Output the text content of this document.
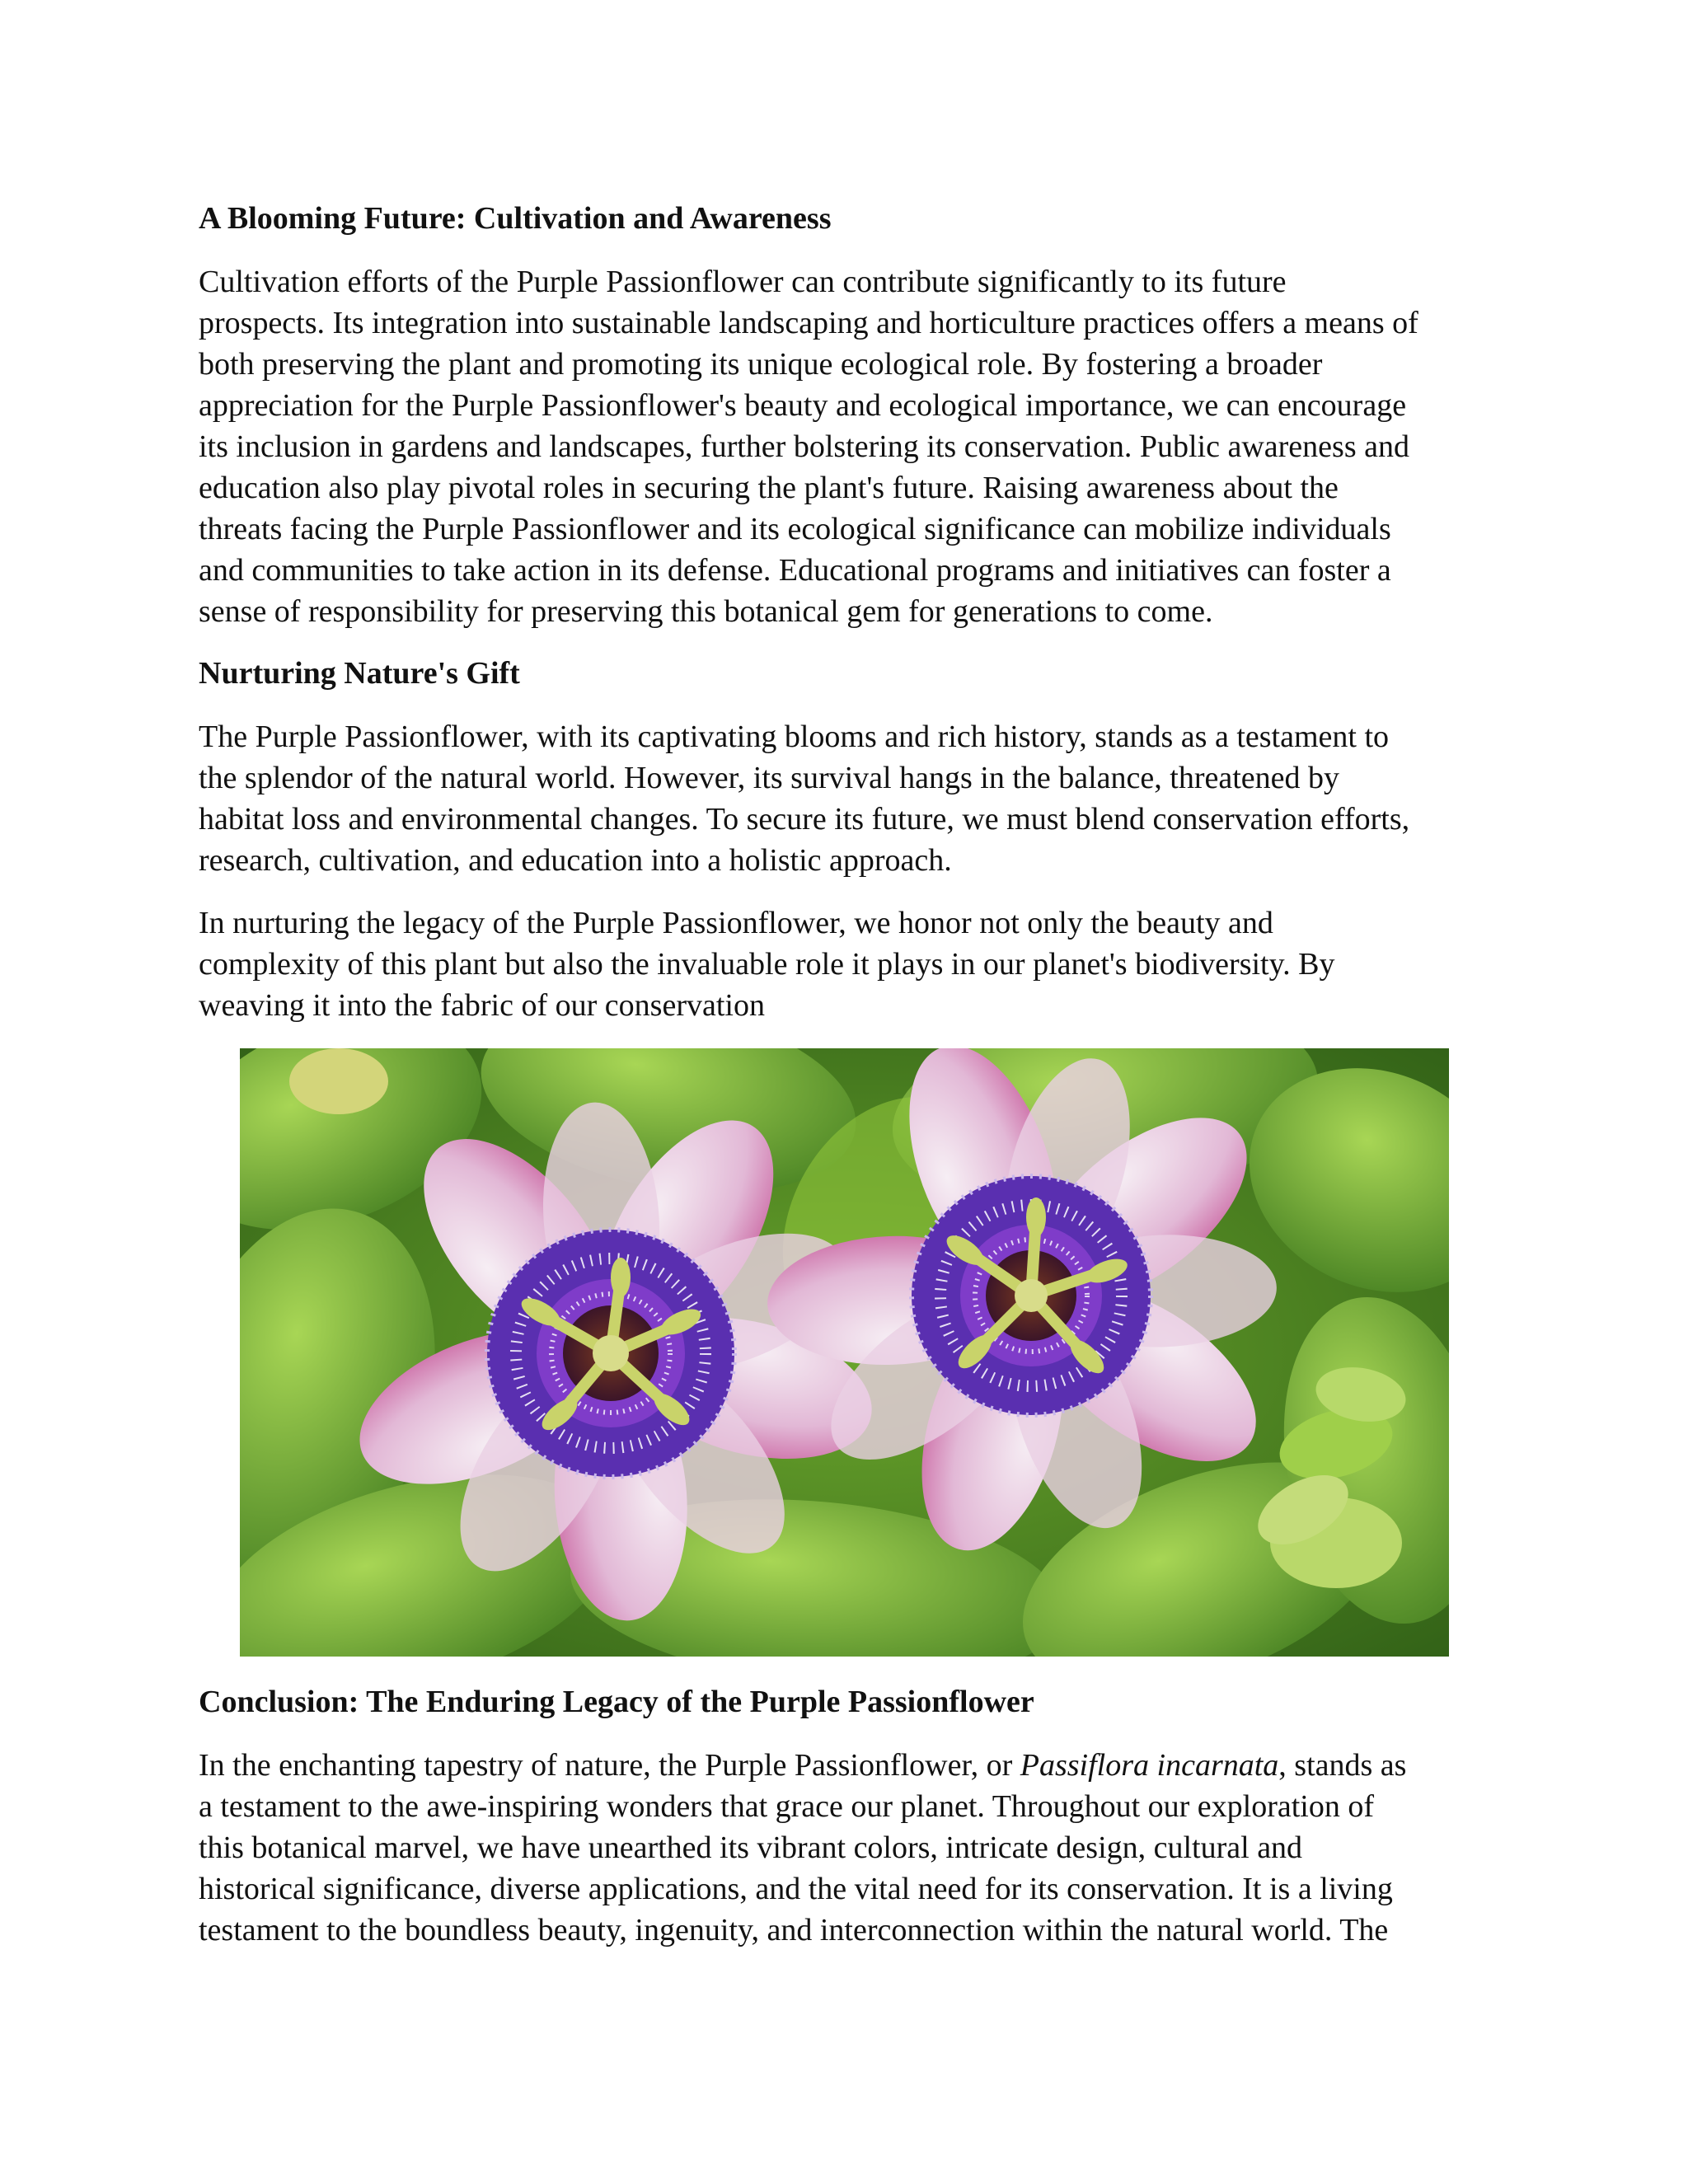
A Blooming Future: Cultivation and Awareness
Cultivation efforts of the Purple Passionflower can contribute significantly to its future
prospects. Its integration into sustainable landscaping and horticulture practices offers a means of
both preserving the plant and promoting its unique ecological role. By fostering a broader
appreciation for the Purple Passionflower's beauty and ecological importance, we can encourage
its inclusion in gardens and landscapes, further bolstering its conservation. Public awareness and
education also play pivotal roles in securing the plant's future. Raising awareness about the
threats facing the Purple Passionflower and its ecological significance can mobilize individuals
and communities to take action in its defense. Educational programs and initiatives can foster a
sense of responsibility for preserving this botanical gem for generations to come.
Nurturing Nature's Gift
The Purple Passionflower, with its captivating blooms and rich history, stands as a testament to
the splendor of the natural world. However, its survival hangs in the balance, threatened by
habitat loss and environmental changes. To secure its future, we must blend conservation efforts,
research, cultivation, and education into a holistic approach.
In nurturing the legacy of the Purple Passionflower, we honor not only the beauty and
complexity of this plant but also the invaluable role it plays in our planet's biodiversity. By
weaving it into the fabric of our conservation
Conclusion: The Enduring Legacy of the Purple Passionflower
In the enchanting tapestry of nature, the Purple Passionflower, or Passiflora incarnata, stands as
a testament to the awe-inspiring wonders that grace our planet. Throughout our exploration of
this botanical marvel, we have unearthed its vibrant colors, intricate design, cultural and
historical significance, diverse applications, and the vital need for its conservation. It is a living
testament to the boundless beauty, ingenuity, and interconnection within the natural world. The
